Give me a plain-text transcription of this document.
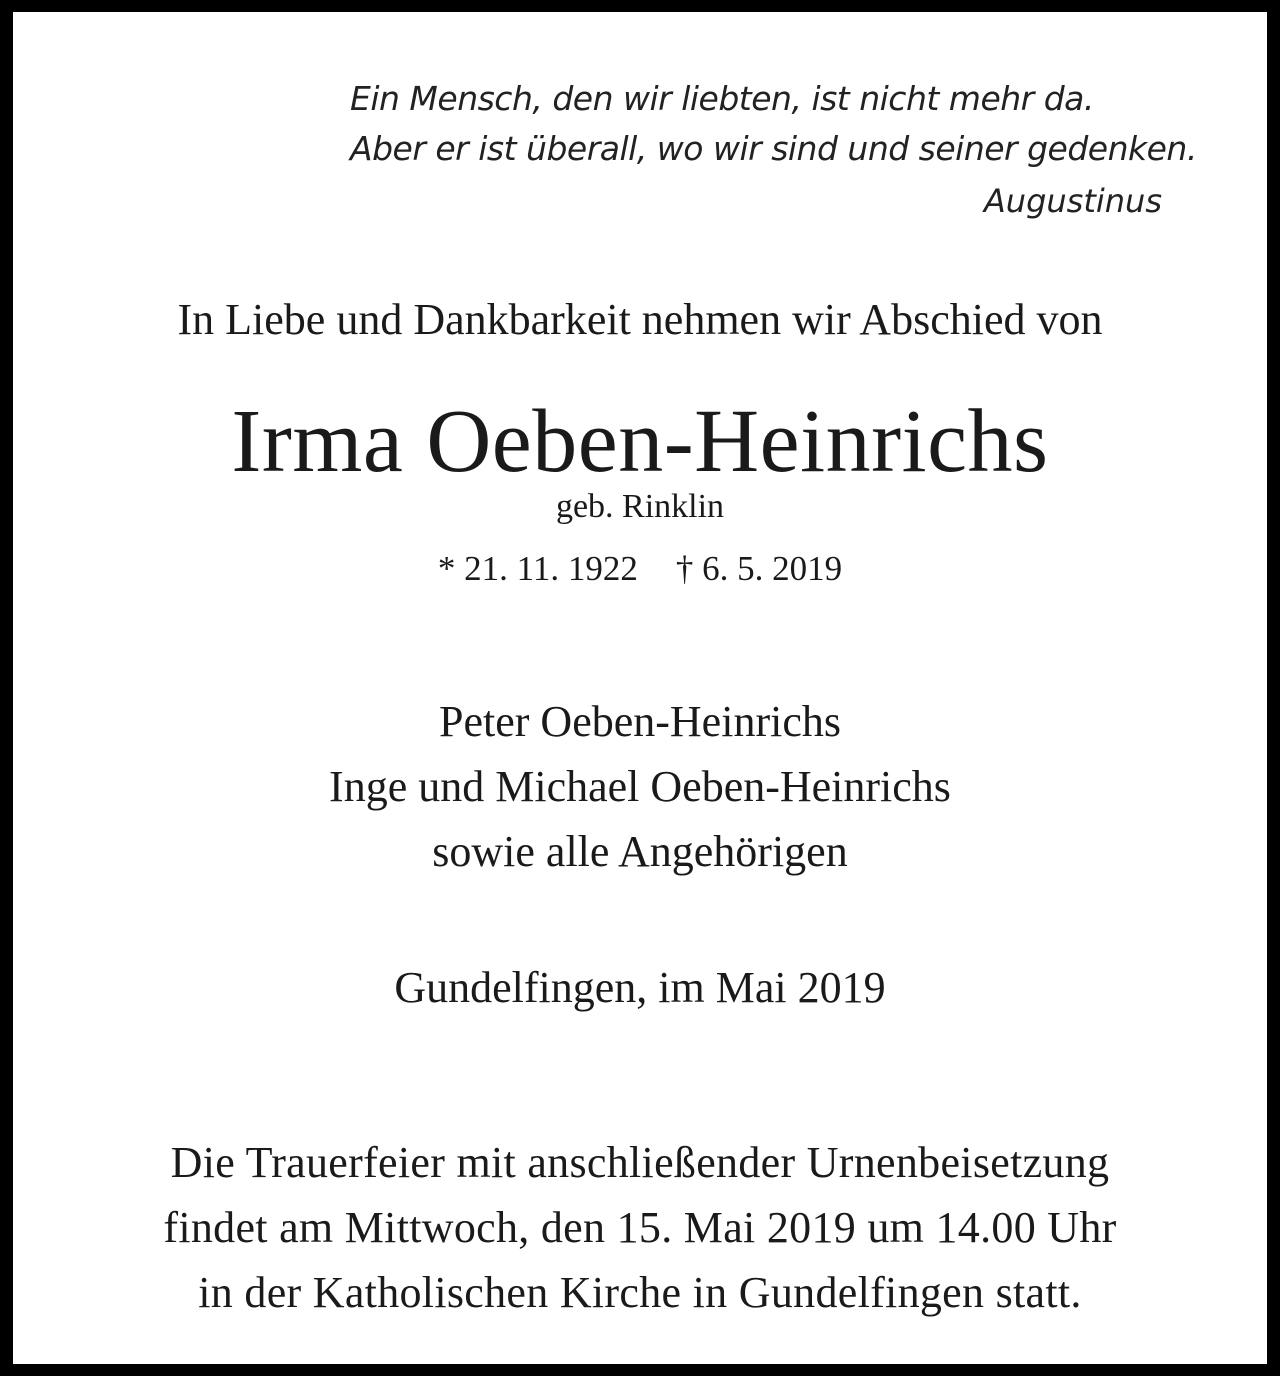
Ein Mensch, den wir liebten, ist nicht mehr da.
Aber er ist überall, wo wir sind und seiner gedenken.
Augustinus
In Liebe und Dankbarkeit nehmen wir Abschied von
Irma Oeben-Heinrichs
geb. Rinklin
* 21. 11. 1922 † 6. 5. 2019
Peter Oeben-Heinrichs
Inge und Michael Oeben-Heinrichs
sowie alle Angehörigen
Gundelfingen, im Mai 2019
Die Trauerfeier mit anschließender Urnenbeisetzung
findet am Mittwoch, den 15. Mai 2019 um 14.00 Uhr
in der Katholischen Kirche in Gundelfingen statt.
